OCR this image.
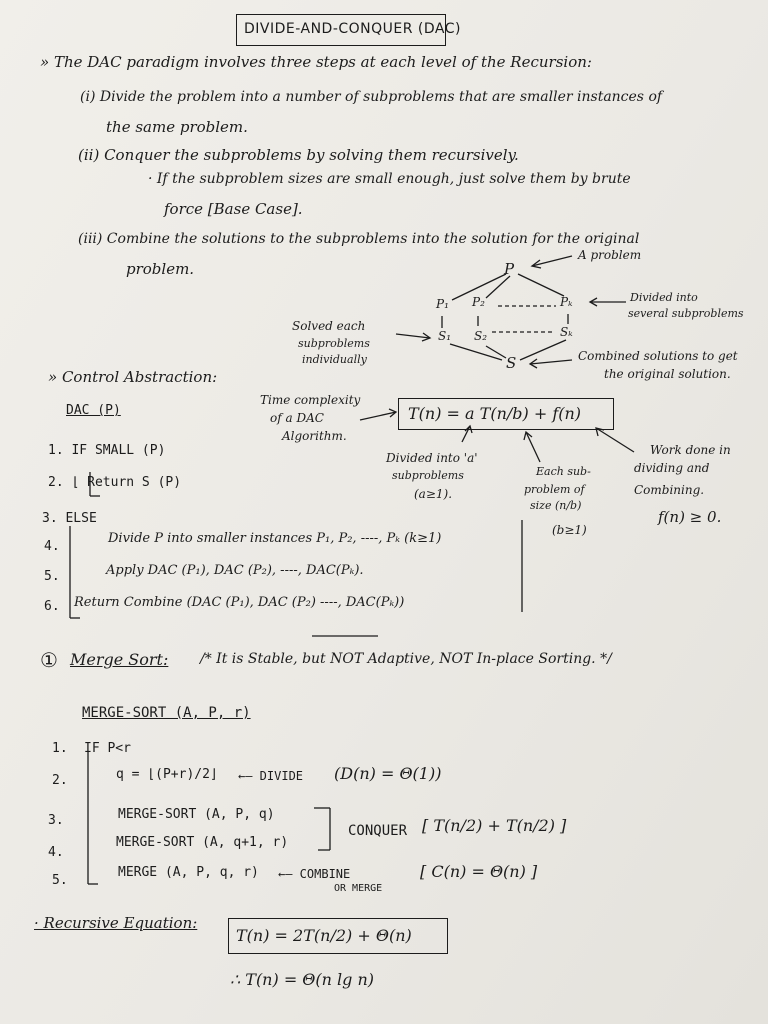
DIVIDE-AND-CONQUER (DAC)
» The DAC paradigm involves three steps at each level of the Recursion:
(i) Divide the problem into a number of subproblems that are smaller instances of
the same problem.
(ii) Conquer the subproblems by solving them recursively.
· If the subproblem sizes are small enough, just solve them by brute
force [Base Case].
(iii) Combine the solutions to the subproblems into the solution for the original
problem.	P
A problem
P₁ P₂	Pₖ	Divided into
several subproblems
S₁ S₂	Sₖ
Solved each
subproblems
individually	S	Combined solutions to get
the original solution.
» Control Abstraction:
DAC (P)
1. IF SMALL (P)
2. ⌊ Return S (P)
3. ELSE
4.
Divide P into smaller instances P₁, P₂, ----, Pₖ (k≥1)
5.	Apply DAC (P₁), DAC (P₂), ----, DAC(Pₖ).
6. Return Combine (DAC (P₁), DAC (P₂) ----, DAC(Pₖ))
Time complexity
of a DAC
Algorithm.
T(n) = a T(n/b) + f(n)
Divided into 'a'
subproblems
(a≥1).
Each sub-
problem of
size (n/b)
(b≥1)
Work done in
dividing and
Combining.
f(n) ≥ 0.
① Merge Sort: /* It is Stable, but NOT Adaptive, NOT In-place Sorting. */
MERGE-SORT (A, P, r)
1. IF P<r
2.	q = ⌊(P+r)/2⌋ ←— DIVIDE (D(n) = Θ(1))
3.	MERGE-SORT (A, P, q)
4.
MERGE-SORT (A, q+1, r)
CONQUER [ T(n/2) + T(n/2) ]
5.
MERGE (A, P, q, r) ←— COMBINE
OR MERGE
[ C(n) = Θ(n) ]
· Recursive Equation:
T(n) = 2T(n/2) + Θ(n)
∴ T(n) = Θ(n lg n)
